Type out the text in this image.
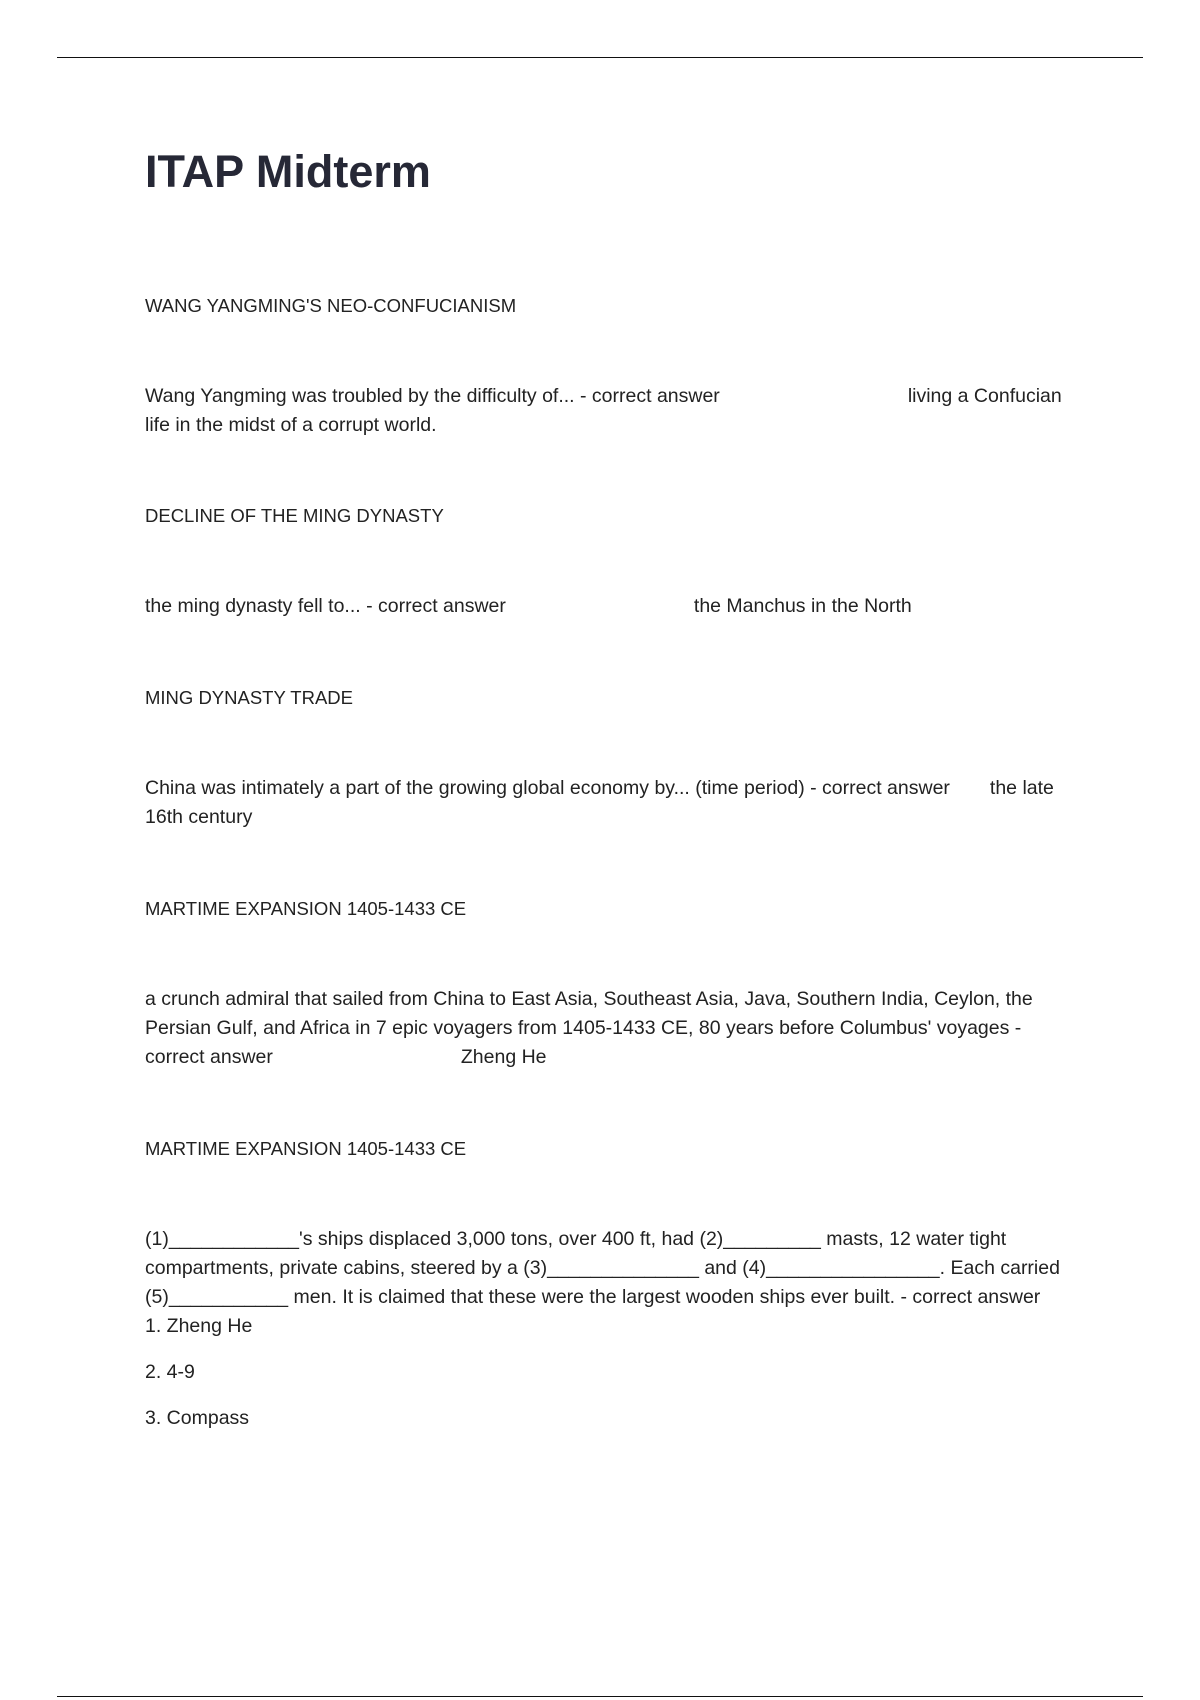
ITAP Midterm

WANG YANGMING'S NEO-CONFUCIANISM

Wang Yangming was troubled by the difficulty of... - correct answer	living a Confucian life in the midst of a corrupt world.

DECLINE OF THE MING DYNASTY

the ming dynasty fell to... - correct answer	the Manchus in the North

MING DYNASTY TRADE

China was intimately a part of the growing global economy by... (time period) - correct answer the late 16th century

MARTIME EXPANSION 1405-1433 CE

a crunch admiral that sailed from China to East Asia, Southeast Asia, Java, Southern India, Ceylon, the Persian Gulf, and Africa in 7 epic voyagers from 1405-1433 CE, 80 years before Columbus' voyages - correct answer	Zheng He

MARTIME EXPANSION 1405-1433 CE

(1)____________'s ships displaced 3,000 tons, over 400 ft, had (2)_________ masts, 12 water tight compartments, private cabins, steered by a (3)______________ and (4)________________. Each carried (5)___________ men. It is claimed that these were the largest wooden ships ever built. - correct answer

1. Zheng He
2. 4-9
3. Compass
